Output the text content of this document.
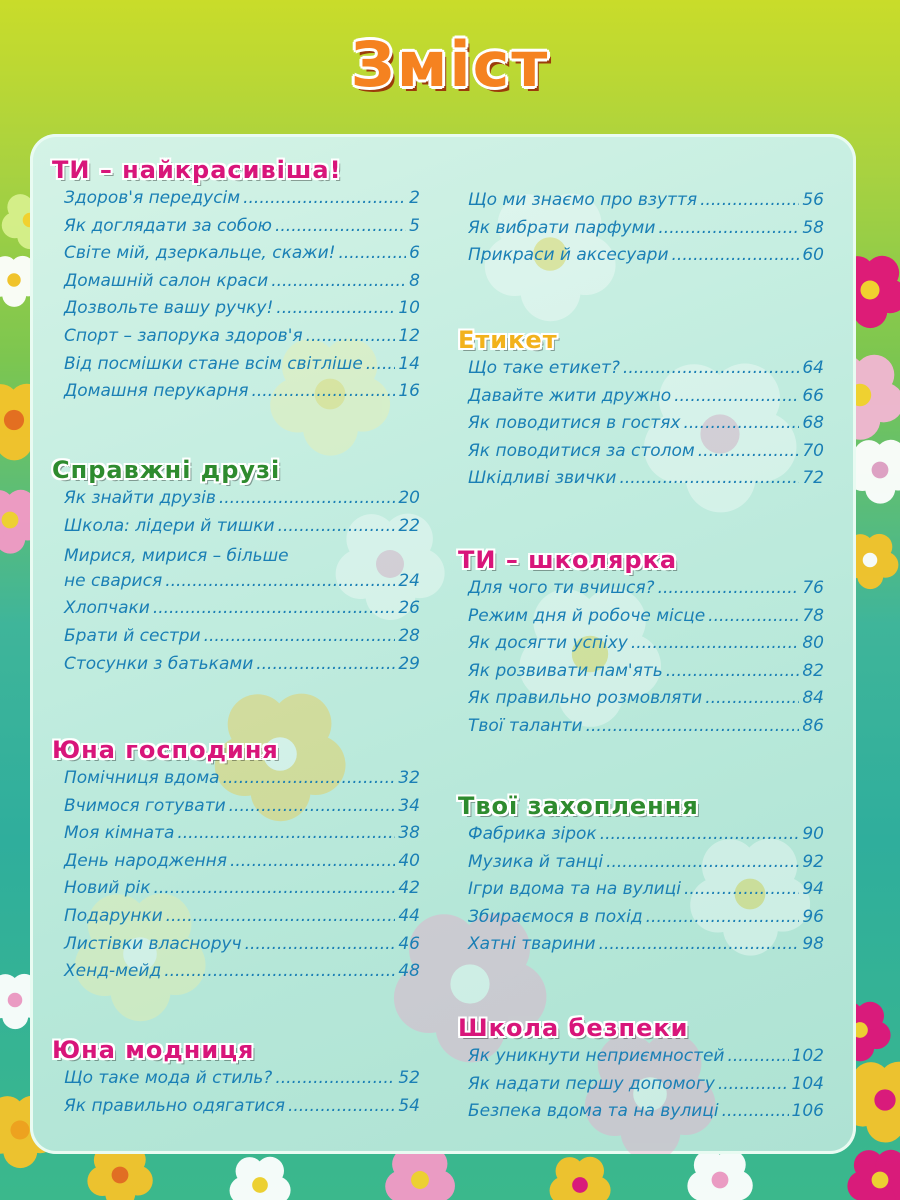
Зміст
ТИ – найкрасивіша!
Здоров'я передусім .....	2
Як доглядати за собою .....	5
Світе мій, дзеркальце, скажи! .....	6
Домашній салон краси .....	8
Дозвольте вашу ручку! .....	10
Спорт – запорука здоров'я .....	12
Від посмішки стане всім світліше ..... 14
Домашня перукарня .....	16
Справжні друзі
Як знайти друзів .....	20
Школа: лідери й тишки .....	22
Мирися, мирися – більше
не сварися .....	24
Хлопчаки .....	26
Брати й сестри .....	28
Стосунки з батьками .....	29
Юна господиня
Помічниця вдома .....	32
Вчимося готувати .....	34
Моя кімната .....	38
День народження .....	40
Новий рік .....	42
Подарунки .....	44
Листівки власноруч .....	46
Хенд-мейд .....	48
Юна модниця
Що таке мода й стиль? .....	52
Як правильно одягатися .....	54
Що ми знаємо про взуття .....	56
Як вибрати парфуми .....	58
Прикраси й аксесуари .....	60
Етикет
Що таке етикет? .....	64
Давайте жити дружно .....	66
Як поводитися в гостях .....	68
Як поводитися за столом .....	70
Шкідливі звички .....	72
ТИ – школярка
Для чого ти вчишся? .....	76
Режим дня й робоче місце .....	78
Як досягти успіху .....	80
Як розвивати пам'ять .....	82
Як правильно розмовляти .....	84
Твої таланти .....	86
Твої захоплення
Фабрика зірок .....	90
Музика й танці .....	92
Ігри вдома та на вулиці .....	94
Збираємося в похід .....	96
Хатні тварини .....	98
Школа безпеки
Як уникнути неприємностей .....	102
Як надати першу допомогу .....	104
Безпека вдома та на вулиці .....	106
